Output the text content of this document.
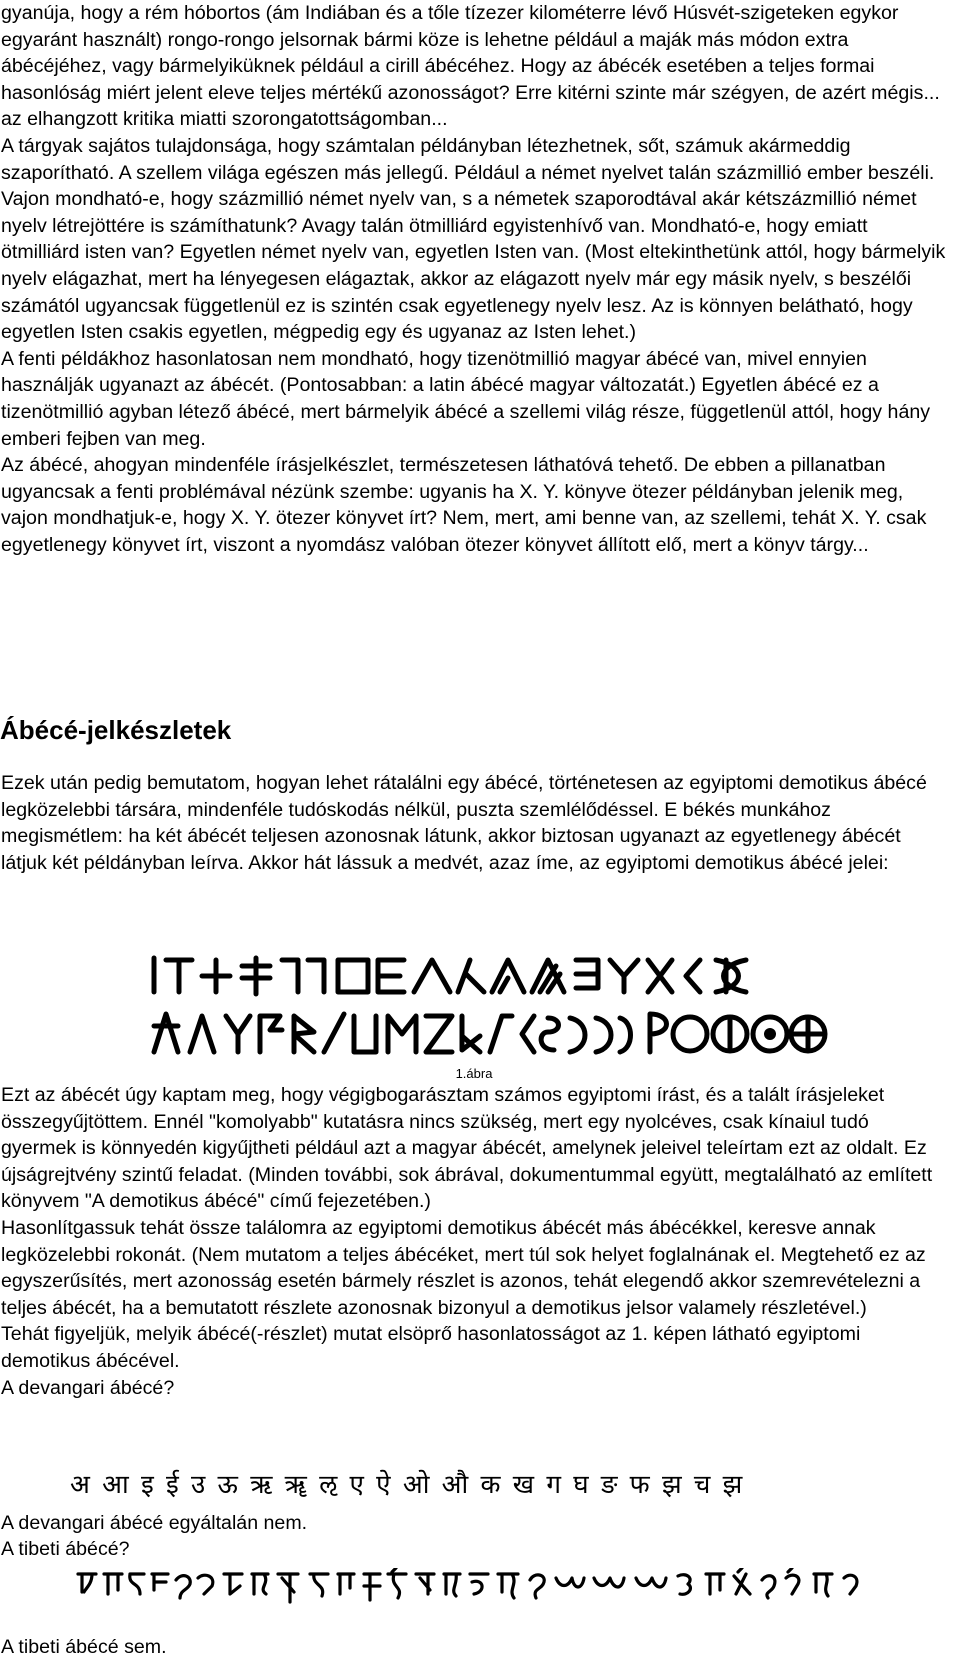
gyanúja, hogy a rém hóbortos (ám Indiában és a tőle tízezer kilométerre lévő Húsvét-szigeteken egykor egyaránt használt) rongo-rongo jelsornak bármi köze is lehetne például a maják más módon extra ábécéjéhez, vagy bármelyiküknek például a cirill ábécéhez. Hogy az ábécék esetében a teljes formai hasonlóság miért jelent eleve teljes mértékű azonosságot? Erre kitérni szinte már szégyen, de azért mégis... az elhangzott kritika miatti szorongatottságomban...

A tárgyak sajátos tulajdonsága, hogy számtalan példányban létezhetnek, sőt, számuk akármeddig szaporítható. A szellem világa egészen más jellegű. Például a német nyelvet talán százmillió ember beszéli. Vajon mondható-e, hogy százmillió német nyelv van, s a németek szaporodtával akár kétszázmillió német nyelv létrejöttére is számíthatunk? Avagy talán ötmilliárd egyistenhívő van. Mondható-e, hogy emiatt ötmilliárd isten van? Egyetlen német nyelv van, egyetlen Isten van. (Most eltekinthetünk attól, hogy bármelyik nyelv elágazhat, mert ha lényegesen elágaztak, akkor az elágazott nyelv már egy másik nyelv, s beszélői számától ugyancsak függetlenül ez is szintén csak egyetlenegy nyelv lesz. Az is könnyen belátható, hogy egyetlen Isten csakis egyetlen, mégpedig egy és ugyanaz az Isten lehet.)

A fenti példákhoz hasonlatosan nem mondható, hogy tizenötmillió magyar ábécé van, mivel ennyien használják ugyanazt az ábécét. (Pontosabban: a latin ábécé magyar változatát.) Egyetlen ábécé ez a tizenötmillió agyban létező ábécé, mert bármelyik ábécé a szellemi világ része, függetlenül attól, hogy hány emberi fejben van meg.

Az ábécé, ahogyan mindenféle írásjelkészlet, természetesen láthatóvá tehető. De ebben a pillanatban ugyancsak a fenti problémával nézünk szembe: ugyanis ha X. Y. könyve ötezer példányban jelenik meg, vajon mondhatjuk-e, hogy X. Y. ötezer könyvet írt? Nem, mert, ami benne van, az szellemi, tehát X. Y. csak egyetlenegy könyvet írt, viszont a nyomdász valóban ötezer könyvet állított elő, mert a könyv tárgy...

Ábécé-jelkészletek

Ezek után pedig bemutatom, hogyan lehet rátalálni egy ábécé, történetesen az egyiptomi demotikus ábécé legközelebbi társára, mindenféle tudóskodás nélkül, puszta szemlélődéssel. E békés munkához megismétlem: ha két ábécét teljesen azonosnak látunk, akkor biztosan ugyanazt az egyetlenegy ábécét látjuk két példányban leírva. Akkor hát lássuk a medvét, azaz íme, az egyiptomi demotikus ábécé jelei:

1.ábra

Ezt az ábécét úgy kaptam meg, hogy végigbogarásztam számos egyiptomi írást, és a talált írásjeleket összegyűjtöttem. Ennél "komolyabb" kutatásra nincs szükség, mert egy nyolcéves, csak kínaiul tudó gyermek is könnyedén kigyűjtheti például azt a magyar ábécét, amelynek jeleivel teleírtam ezt az oldalt. Ez újságrejtvény szintű feladat. (Minden további, sok ábrával, dokumentummal együtt, megtalálható az említett könyvem "A demotikus ábécé" című fejezetében.)

Hasonlítgassuk tehát össze találomra az egyiptomi demotikus ábécét más ábécékkel, keresve annak legközelebbi rokonát. (Nem mutatom a teljes ábécéket, mert túl sok helyet foglalnának el. Megtehető ez az egyszerűsítés, mert azonosság esetén bármely részlet is azonos, tehát elegendő akkor szemrevételezni a teljes ábécét, ha a bemutatott részlete azonosnak bizonyul a demotikus jelsor valamely részletével.)

Tehát figyeljük, melyik ábécé(-részlet) mutat elsöprő hasonlatosságot az 1. képen látható egyiptomi demotikus ábécével.

A devangari ábécé?

अ आ इ ई उ ऊ ऋ ॠ ऌ ए ऐ ओ औ क ख ग घ ङ फ झ च झ

A devangari ábécé egyáltalán nem.

A tibeti ábécé?

A tibeti ábécé sem.
